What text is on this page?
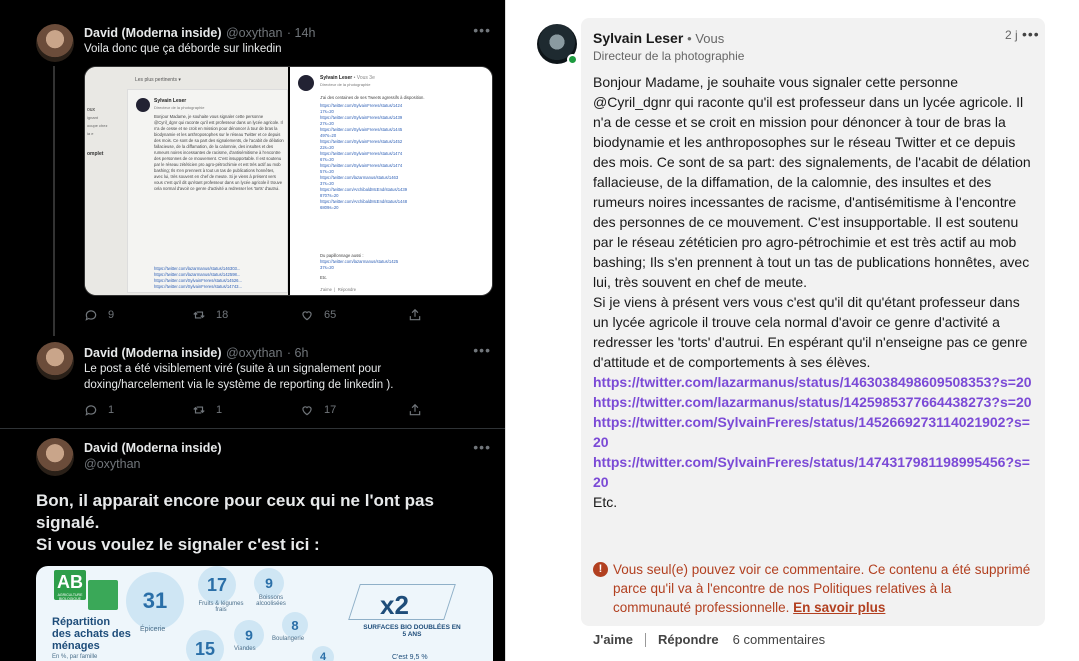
David (Moderna inside) @oxythan · 14h	•••
Voila donc que ça déborde sur linkedin
Les plus pertinents ▾
Sylvain Leser
Directeur de la photographie
Bonjour Madame, je souhaite vous signaler cette personne @Cyril_dgnr qui raconte qu'il est professeur dans un lycée agricole. Il n'a de cesse et se croit en mission pour dénoncer à tour de bras la biodynamie et les anthroposophes sur le réseau Twitter et ce depuis des mois. Ce sont de sa part des signalements, de l'acabit de délation fallacieuse, de la diffamation, de la calomnie, des insultes et des rumeurs noires incessantes de racisme, d'antisémitisme à l'encontre des personnes de ce mouvement. C'est insupportable. Il est soutenu par le réseau zététicien pro agro-pétrochimie et est très actif au mob bashing; Ils s'en prennent à tout un tas de publications honnêtes, avec lui, très souvent en chef de meute. Si je viens à présent vers vous c'est qu'il dit qu'étant professeur dans un lycée agricole il trouve cela normal d'avoir ce genre d'activité a redresser les 'torts' d'autrui.
https://twitter.com/lazarmanus/status/146303...
https://twitter.com/lazarmanus/status/142598...
https://twitter.com/SylvainFreres/status/14526...
https://twitter.com/SylvainFreres/status/14743...
oux
ignant
ocupe chez
ia e
omplet
Sylvain Leser • Vous 3e
Directeur de la photographie
J'ai des centaines de ses Tweets agressifs à disposition.
https://twitter.com/SylvainFreres/status/1424
17s=20
https://twitter.com/SylvainFreres/status/1439
27s=20
https://twitter.com/SylvainFreres/status/1445
497s=20
https://twitter.com/SylvainFreres/status/1452
22s=20
https://twitter.com/SylvainFreres/status/1474
67s=20
https://twitter.com/SylvainFreres/status/1474
57s=20
https://twitter.com/lazarmanus/status/1463
37s=20
https://twitter.com/ArchibaldMcEnd/status/1439
8707s=20
https://twitter.com/ArchibaldMcEnd/status/1448
6809s=20
Du papillonnage aussi :
https://twitter.com/lazarmanus/status/1425
37s=20
Etc.
J'aime  |  Répondre
9	18	65
David (Moderna inside) @oxythan · 6h	•••
Le post a été visiblement viré (suite à un signalement pour doxing/harcelement via le système de reporting de linkedin ).
1	1	17
David (Moderna inside)
@oxythan
•••
Bon, il apparait encore pour ceux qui ne l'ont pas signalé.
Si vous voulez le signaler c'est ici :
AB
AGRICULTURE BIOLOGIQUE
Répartition des achats des ménages
En %, par famille
31
Épicerie
17
Fruits & légumes frais
9
Boissons alcoolisées
15
9
Viandes
8
Boulangerie
4
x2
SURFACES BIO DOUBLÉES EN 5 ANS
C'est 9,5 %
Sylvain Leser • Vous
Directeur de la photographie
2 j •••
Bonjour Madame, je souhaite vous signaler cette personne @Cyril_dgnr qui raconte qu'il est professeur dans un lycée agricole. Il n'a de cesse et se croit en mission pour dénoncer à tour de bras la biodynamie et les anthroposophes sur le réseau Twitter et ce depuis des mois. Ce sont de sa part: des signalements, de l'acabit de délation fallacieuse, de la diffamation, de la calomnie, des insultes et des rumeurs noires incessantes de racisme, d'antisémitisme à l'encontre des personnes de ce mouvement. C'est insupportable. Il est soutenu par le réseau zététicien pro agro-pétrochimie et est très actif au mob bashing; Ils s'en prennent à tout un tas de publications honnêtes, avec lui, très souvent en chef de meute.
Si je viens à présent vers vous c'est qu'il dit qu'étant professeur dans un lycée agricole il trouve cela normal d'avoir ce genre d'activité a redresser les 'torts' d'autrui. En espérant qu'il n'enseigne pas ce genre d'attitude et de comportements à ses élèves.
https://twitter.com/lazarmanus/status/1463038498609508353?s=20
https://twitter.com/lazarmanus/status/1425985377664438273?s=20
https://twitter.com/SylvainFreres/status/1452669273114021902?s=20
https://twitter.com/SylvainFreres/status/1474317981198995456?s=20
Etc.
! Vous seul(e) pouvez voir ce commentaire. Ce contenu a été supprimé parce qu'il va à l'encontre de nos Politiques relatives à la communauté professionnelle. En savoir plus
J'aime Répondre 6 commentaires
